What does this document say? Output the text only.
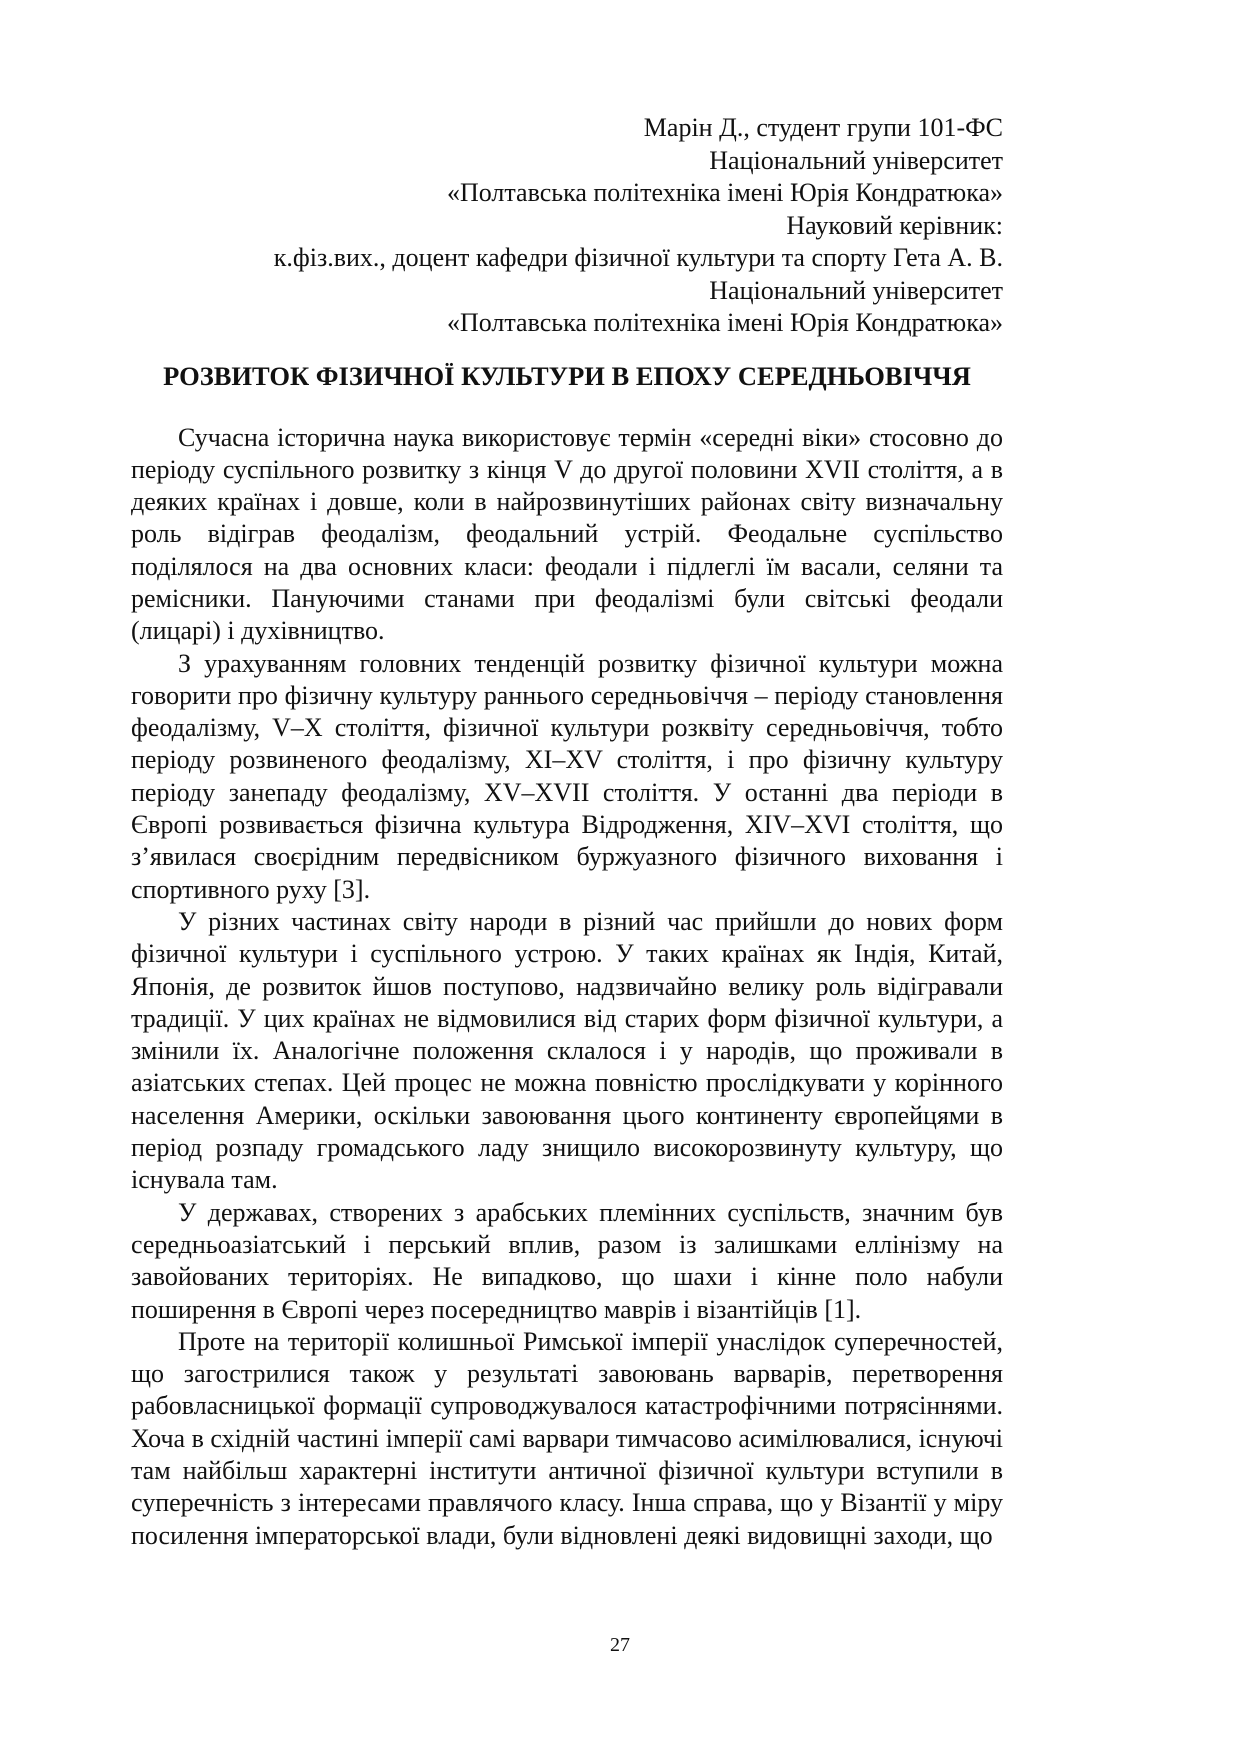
Марін Д., студент групи 101-ФС
Національний університет
«Полтавська політехніка імені Юрія Кондратюка»
Науковий керівник:
к.фіз.вих., доцент кафедри фізичної культури та спорту Гета А. В.
Національний університет
«Полтавська політехніка імені Юрія Кондратюка»
РОЗВИТОК ФІЗИЧНОЇ КУЛЬТУРИ В ЕПОХУ СЕРЕДНЬОВІЧЧЯ

Сучасна історична наука використовує термін «середні віки» стосовно до періоду суспільного розвитку з кінця V до другої половини XVII століття, а в деяких країнах і довше, коли в найрозвинутіших районах світу визначальну роль відіграв феодалізм, феодальний устрій. Феодальне суспільство поділялося на два основних класи: феодали і підлеглі їм васали, селяни та ремісники. Пануючими станами при феодалізмі були світські феодали (лицарі) і духівництво.

З урахуванням головних тенденцій розвитку фізичної культури можна говорити про фізичну культуру раннього середньовіччя – періоду становлення феодалізму, V–X століття, фізичної культури розквіту середньовіччя, тобто періоду розвиненого феодалізму, XI–XV століття, і про фізичну культуру періоду занепаду феодалізму, XV–XVII століття. У останні два періоди в Європі розвивається фізична культура Відродження, XIV–XVI століття, що з’явилася своєрідним передвісником буржуазного фізичного виховання і спортивного руху [3].

У різних частинах світу народи в різний час прийшли до нових форм фізичної культури і суспільного устрою. У таких країнах як Індія, Китай, Японія, де розвиток йшов поступово, надзвичайно велику роль відігравали традиції. У цих країнах не відмовилися від старих форм фізичної культури, а змінили їх. Аналогічне положення склалося і у народів, що проживали в азіатських степах. Цей процес не можна повністю прослідкувати у корінного населення Америки, оскільки завоювання цього континенту європейцями в період розпаду громадського ладу знищило високорозвинуту культуру, що існувала там.

У державах, створених з арабських племінних суспільств, значним був середньоазіатський і перський вплив, разом із залишками еллінізму на завойованих територіях. Не випадково, що шахи і кінне поло набули поширення в Європі через посередництво маврів і візантійців [1].

Проте на території колишньої Римської імперії унаслідок суперечностей, що загострилися також у результаті завоювань варварів, перетворення рабовласницької формації супроводжувалося катастрофічними потрясіннями. Хоча в східній частині імперії самі варвари тимчасово асимілювалися, існуючі там найбільш характерні інститути античної фізичної культури вступили в суперечність з інтересами правлячого класу. Інша справа, що у Візантії у міру посилення імператорської влади, були відновлені деякі видовищні заходи, що

27
